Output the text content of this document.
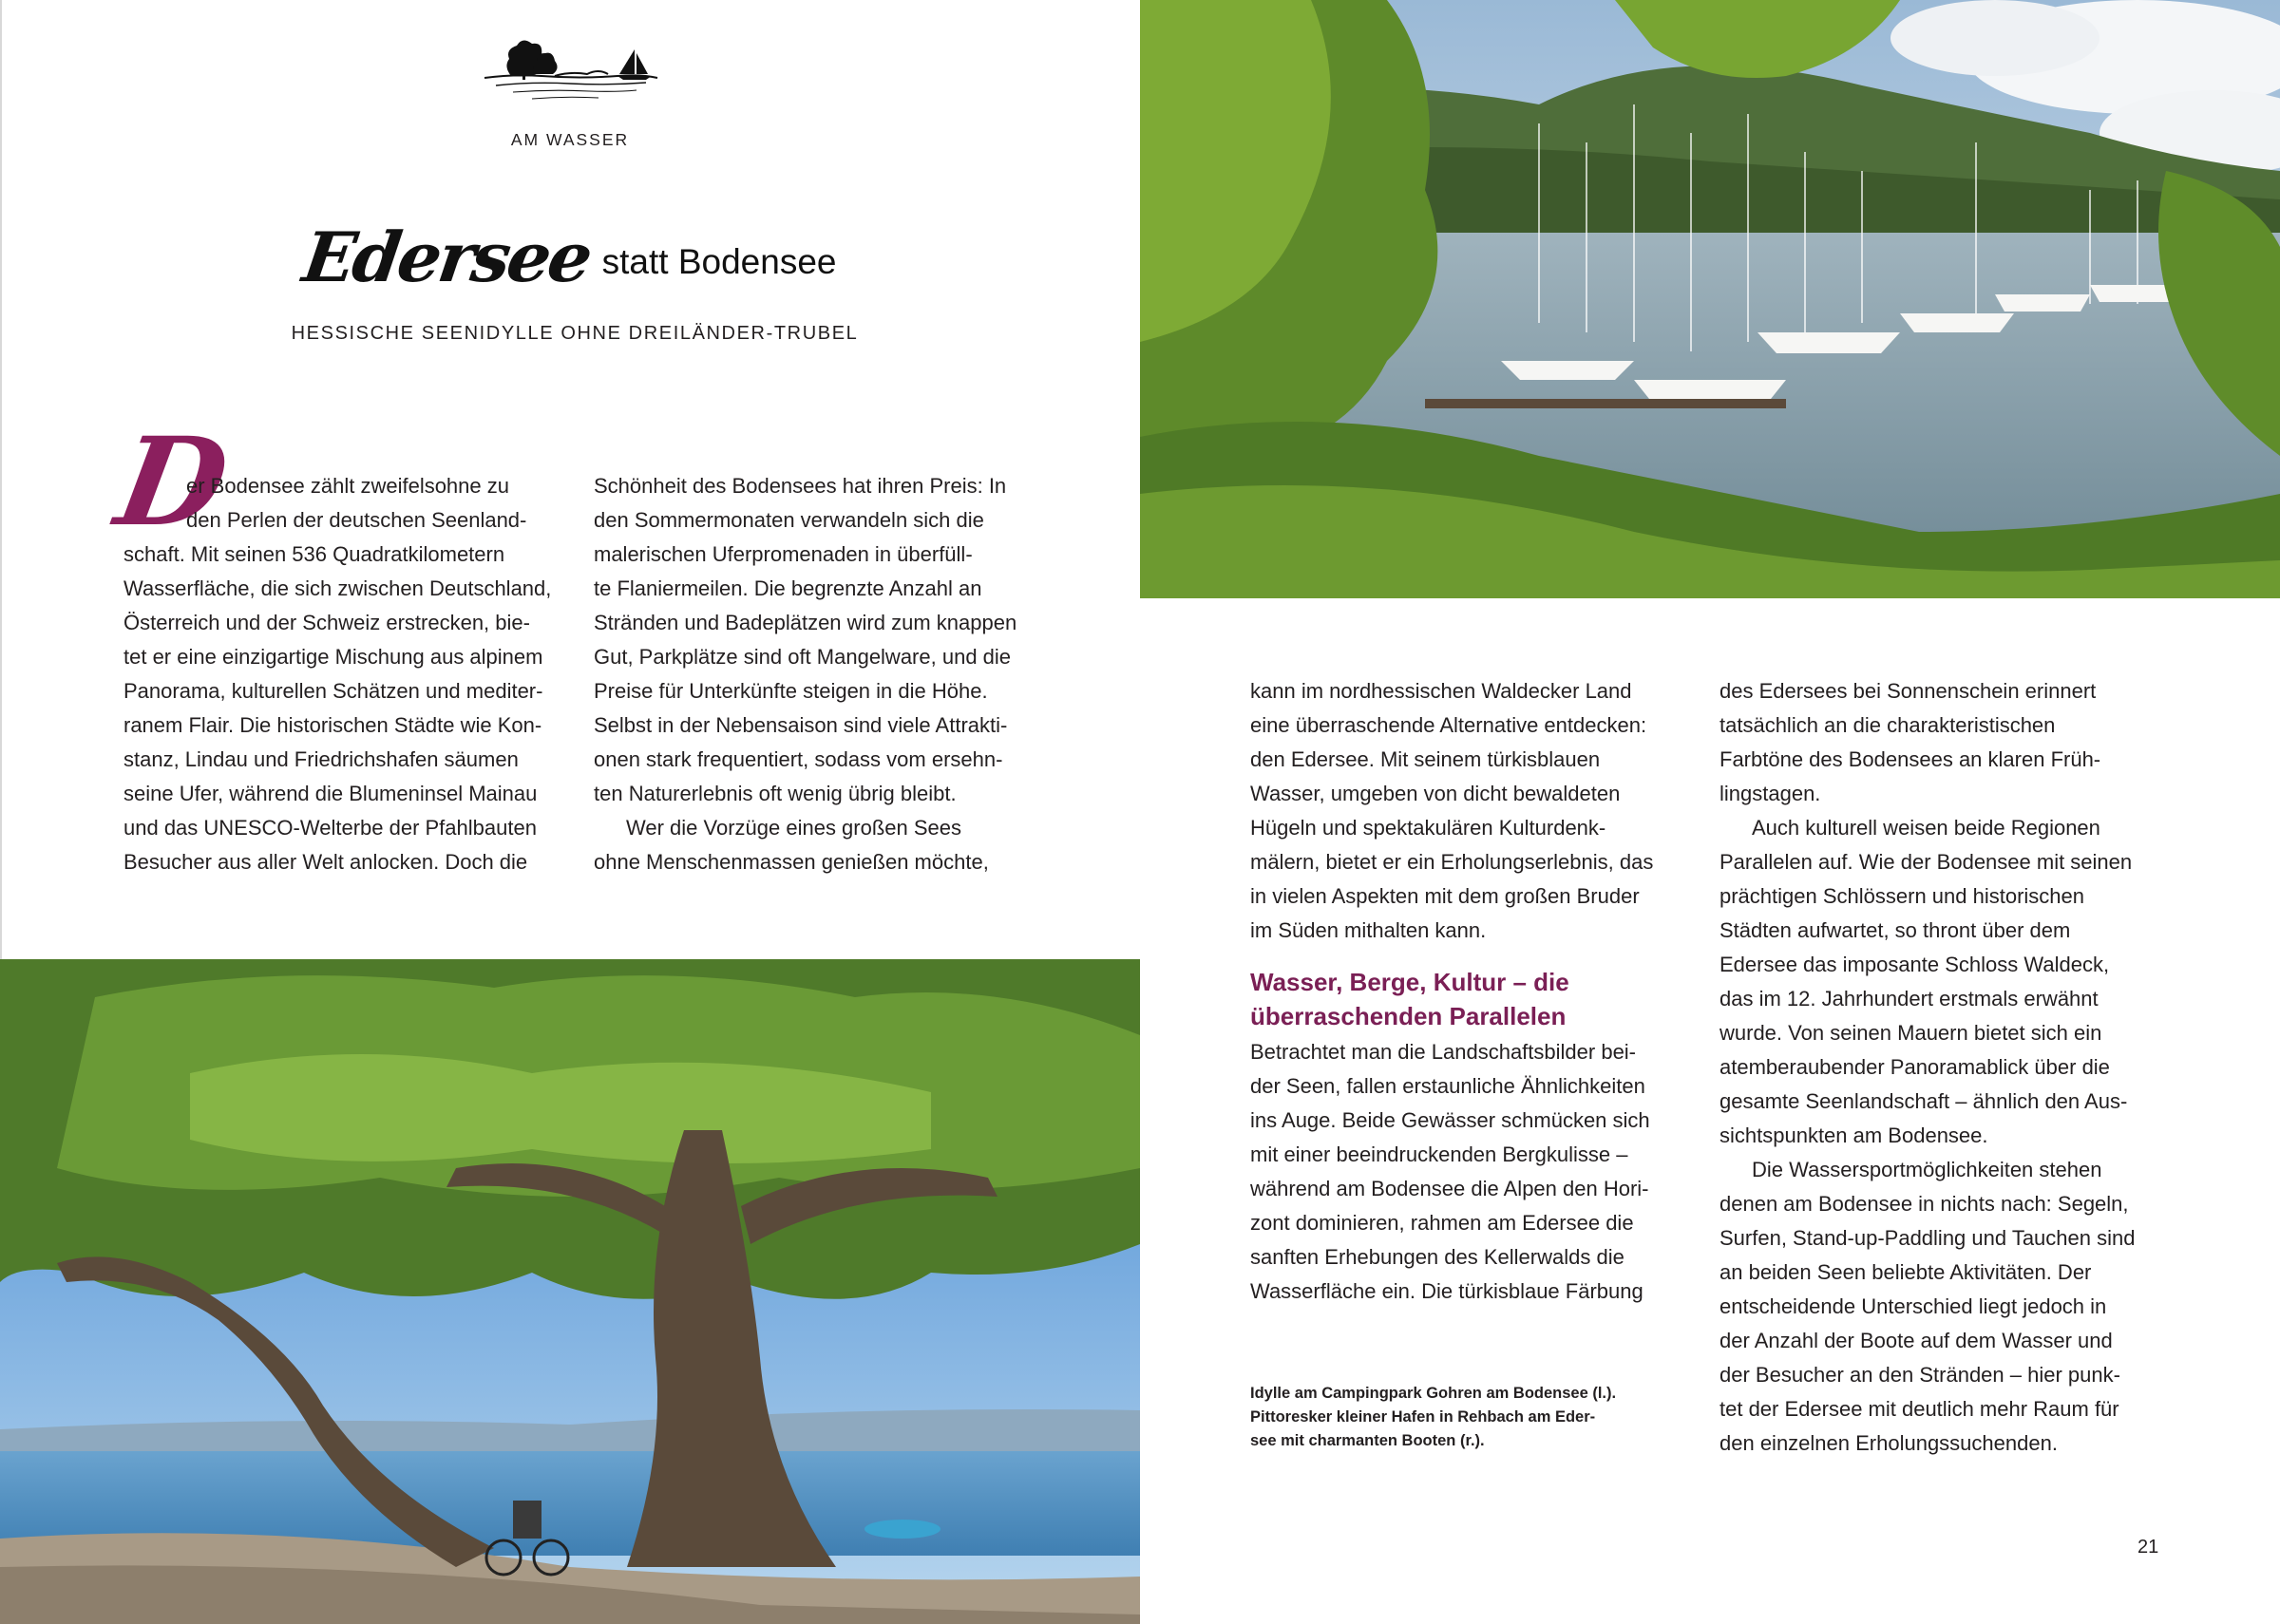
AM WASSER
Edersee statt Bodensee
HESSISCHE SEENIDYLLE OHNE DREILÄNDER-TRUBEL
D

er Bodensee zählt zweifelsohne zu
den Perlen der deutschen Seenland-
schaft. Mit seinen 536 Quadratkilometern
Wasserfläche, die sich zwischen Deutschland,
Österreich und der Schweiz erstrecken, bie-
tet er eine einzigartige Mischung aus alpinem
Panorama, kulturellen Schätzen und mediter-
ranem Flair. Die historischen Städte wie Kon-
stanz, Lindau und Friedrichshafen säumen
seine Ufer, während die Blumeninsel Mainau
und das UNESCO-Welterbe der Pfahlbauten
Besucher aus aller Welt anlocken. Doch die

Schönheit des Bodensees hat ihren Preis: In
den Sommermonaten verwandeln sich die
malerischen Uferpromenaden in überfüll-
te Flaniermeilen. Die begrenzte Anzahl an
Stränden und Badeplätzen wird zum knappen
Gut, Parkplätze sind oft Mangelware, und die
Preise für Unterkünfte steigen in die Höhe.
Selbst in der Nebensaison sind viele Attrakti-
onen stark frequentiert, sodass vom ersehn-
ten Naturerlebnis oft wenig übrig bleibt.

Wer die Vorzüge eines großen Sees
ohne Menschenmassen genießen möchte,

kann im nordhessischen Waldecker Land
eine überraschende Alternative entdecken:
den Edersee. Mit seinem türkisblauen
Wasser, umgeben von dicht bewaldeten
Hügeln und spektakulären Kulturdenk-
mälern, bietet er ein Erholungserlebnis, das
in vielen Aspekten mit dem großen Bruder
im Süden mithalten kann.

Wasser, Berge, Kultur – die
überraschenden Parallelen

Betrachtet man die Landschaftsbilder bei-
der Seen, fallen erstaunliche Ähnlichkeiten
ins Auge. Beide Gewässer schmücken sich
mit einer beeindruckenden Bergkulisse –
während am Bodensee die Alpen den Hori-
zont dominieren, rahmen am Edersee die
sanften Erhebungen des Kellerwalds die
Wasserfläche ein. Die türkisblaue Färbung

des Edersees bei Sonnenschein erinnert
tatsächlich an die charakteristischen
Farbtöne des Bodensees an klaren Früh-
lingstagen.

Auch kulturell weisen beide Regionen
Parallelen auf. Wie der Bodensee mit seinen
prächtigen Schlössern und historischen
Städten aufwartet, so thront über dem
Edersee das imposante Schloss Waldeck,
das im 12. Jahrhundert erstmals erwähnt
wurde. Von seinen Mauern bietet sich ein
atemberaubender Panoramablick über die
gesamte Seenlandschaft – ähnlich den Aus-
sichtspunkten am Bodensee.

Die Wassersportmöglichkeiten stehen
denen am Bodensee in nichts nach: Segeln,
Surfen, Stand-up-Paddling und Tauchen sind
an beiden Seen beliebte Aktivitäten. Der
entscheidende Unterschied liegt jedoch in
der Anzahl der Boote auf dem Wasser und
der Besucher an den Stränden – hier punk-
tet der Edersee mit deutlich mehr Raum für
den einzelnen Erholungssuchenden.

Idylle am Campingpark Gohren am Bodensee (l.).
Pittoresker kleiner Hafen in Rehbach am Eder-
see mit charmanten Booten (r.).
21
